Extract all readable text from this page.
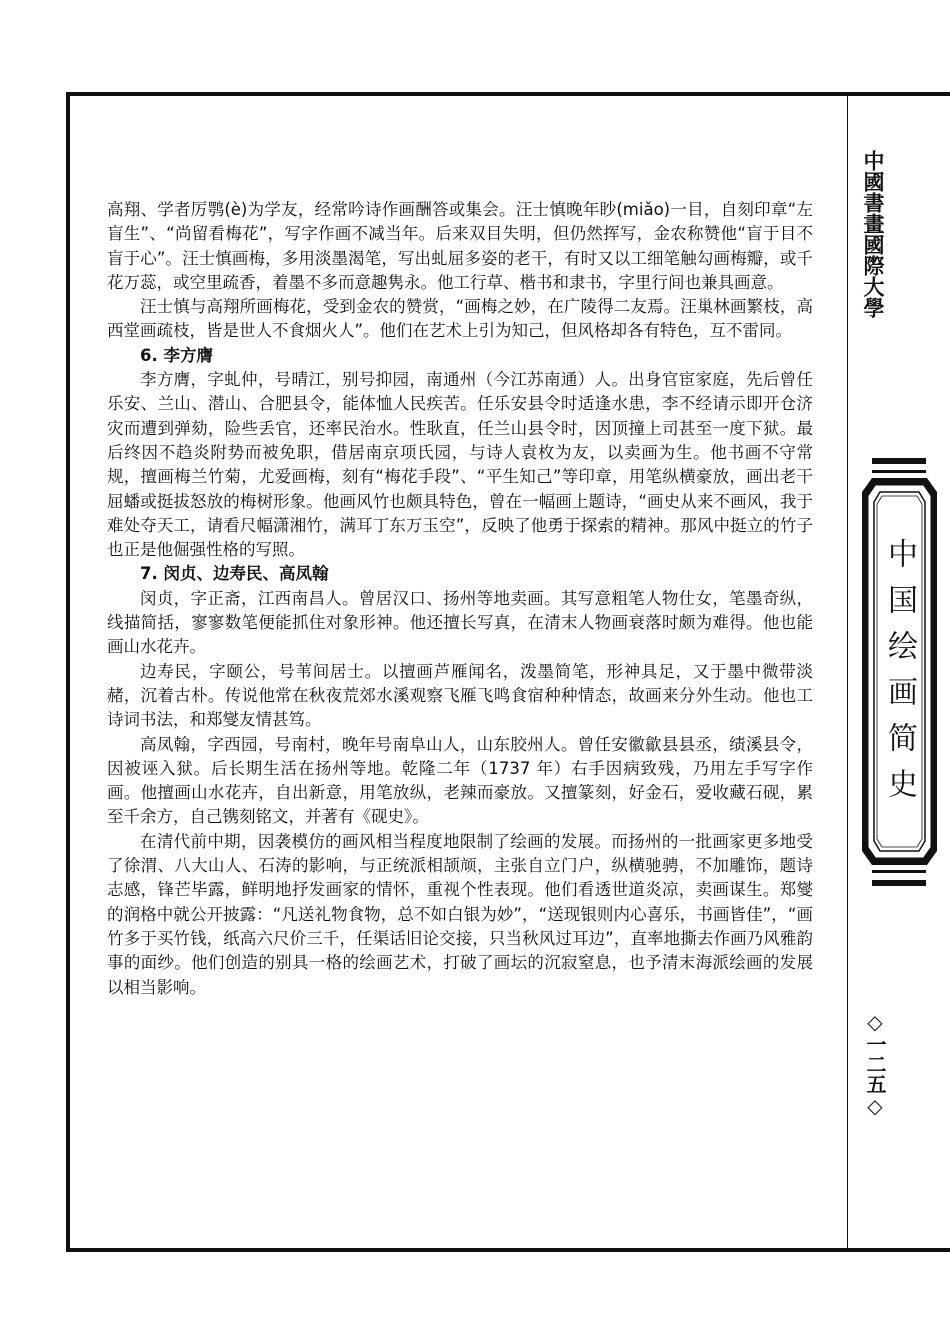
中國書畫國際大學
中国绘画简史
◇一二五◇

高翔、学者厉鹗(è)为学友，经常吟诗作画酬答或集会。汪士慎晚年眇(miǎo)一目，自刻印章“左盲生”、“尚留看梅花”，写字作画不减当年。后来双目失明，但仍然挥写，金农称赞他“盲于目不盲于心”。汪士慎画梅，多用淡墨渴笔，写出虬屈多姿的老干，有时又以工细笔触勾画梅瓣，或千花万蕊，或空里疏香，着墨不多而意趣隽永。他工行草、楷书和隶书，字里行间也兼具画意。

汪士慎与高翔所画梅花，受到金农的赞赏，“画梅之妙，在广陵得二友焉。汪巢林画繁枝，高西堂画疏枝，皆是世人不食烟火人”。他们在艺术上引为知己，但风格却各有特色，互不雷同。

6. 李方膺

李方膺，字虬仲，号晴江，别号抑园，南通州（今江苏南通）人。出身官宦家庭，先后曾任乐安、兰山、潜山、合肥县令，能体恤人民疾苦。任乐安县令时适逢水患，李不经请示即开仓济灾而遭到弹劾，险些丢官，还率民治水。性耿直，任兰山县令时，因顶撞上司甚至一度下狱。最后终因不趋炎附势而被免职，借居南京项氏园，与诗人袁枚为友，以卖画为生。他书画不守常规，擅画梅兰竹菊，尤爱画梅，刻有“梅花手段”、“平生知己”等印章，用笔纵横豪放，画出老干屈蟠或挺拔怒放的梅树形象。他画风竹也颇具特色，曾在一幅画上题诗，“画史从来不画风，我于难处夺天工，请看尺幅潇湘竹，满耳丁东万玉空”，反映了他勇于探索的精神。那风中挺立的竹子也正是他倔强性格的写照。

7. 闵贞、边寿民、高凤翰

闵贞，字正斋，江西南昌人。曾居汉口、扬州等地卖画。其写意粗笔人物仕女，笔墨奇纵，线描简括，寥寥数笔便能抓住对象形神。他还擅长写真，在清末人物画衰落时颇为难得。他也能画山水花卉。

边寿民，字颐公，号苇间居士。以擅画芦雁闻名，泼墨简笔，形神具足，又于墨中微带淡赭，沉着古朴。传说他常在秋夜荒郊水溪观察飞雁飞鸣食宿种种情态，故画来分外生动。他也工诗词书法，和郑燮友情甚笃。

高凤翰，字西园，号南村，晚年号南阜山人，山东胶州人。曾任安徽歙县县丞，绩溪县令，因被诬入狱。后长期生活在扬州等地。乾隆二年（1737 年）右手因病致残，乃用左手写字作画。他擅画山水花卉，自出新意，用笔放纵，老辣而豪放。又擅篆刻，好金石，爱收藏石砚，累至千余方，自己镌刻铭文，并著有《砚史》。

在清代前中期，因袭模仿的画风相当程度地限制了绘画的发展。而扬州的一批画家更多地受了徐渭、八大山人、石涛的影响，与正统派相颉颃，主张自立门户，纵横驰骋，不加雕饰，题诗志感，锋芒毕露，鲜明地抒发画家的情怀，重视个性表现。他们看透世道炎凉，卖画谋生。郑燮的润格中就公开披露：“凡送礼物食物，总不如白银为妙”，“送现银则内心喜乐，书画皆佳”，“画竹多于买竹钱，纸高六尺价三千，任渠话旧论交接，只当秋风过耳边”，直率地撕去作画乃风雅韵事的面纱。他们创造的别具一格的绘画艺术，打破了画坛的沉寂窒息，也予清末海派绘画的发展以相当影响。
